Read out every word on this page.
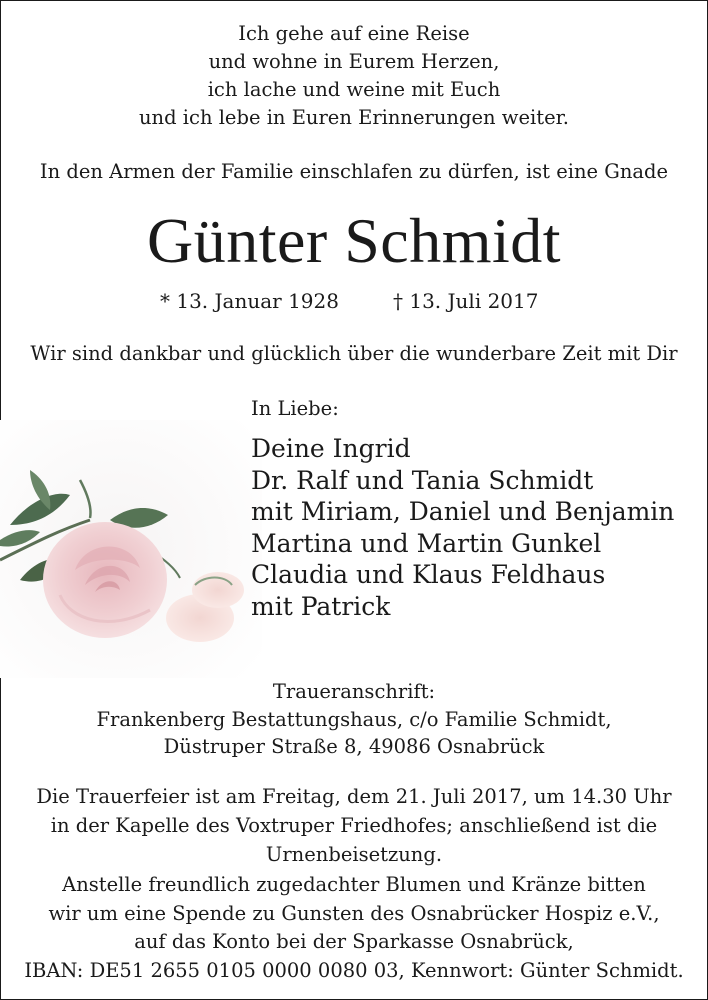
Ich gehe auf eine Reise
und wohne in Eurem Herzen,
ich lache und weine mit Euch
und ich lebe in Euren Erinnerungen weiter.
In den Armen der Familie einschlafen zu dürfen, ist eine Gnade
Günter Schmidt
* 13. Januar 1928	† 13. Juli 2017
Wir sind dankbar und glücklich über die wunderbare Zeit mit Dir
In Liebe:
Deine Ingrid
Dr. Ralf und Tania Schmidt
mit Miriam, Daniel und Benjamin
Martina und Martin Gunkel
Claudia und Klaus Feldhaus
mit Patrick
Traueranschrift:
Frankenberg Bestattungshaus, c/o Familie Schmidt,
Düstruper Straße 8, 49086 Osnabrück
Die Trauerfeier ist am Freitag, dem 21. Juli 2017, um 14.30 Uhr
in der Kapelle des Voxtruper Friedhofes; anschließend ist die
Urnenbeisetzung.
Anstelle freundlich zugedachter Blumen und Kränze bitten
wir um eine Spende zu Gunsten des Osnabrücker Hospiz e.V.,
auf das Konto bei der Sparkasse Osnabrück,
IBAN: DE51 2655 0105 0000 0080 03, Kennwort: Günter Schmidt.
